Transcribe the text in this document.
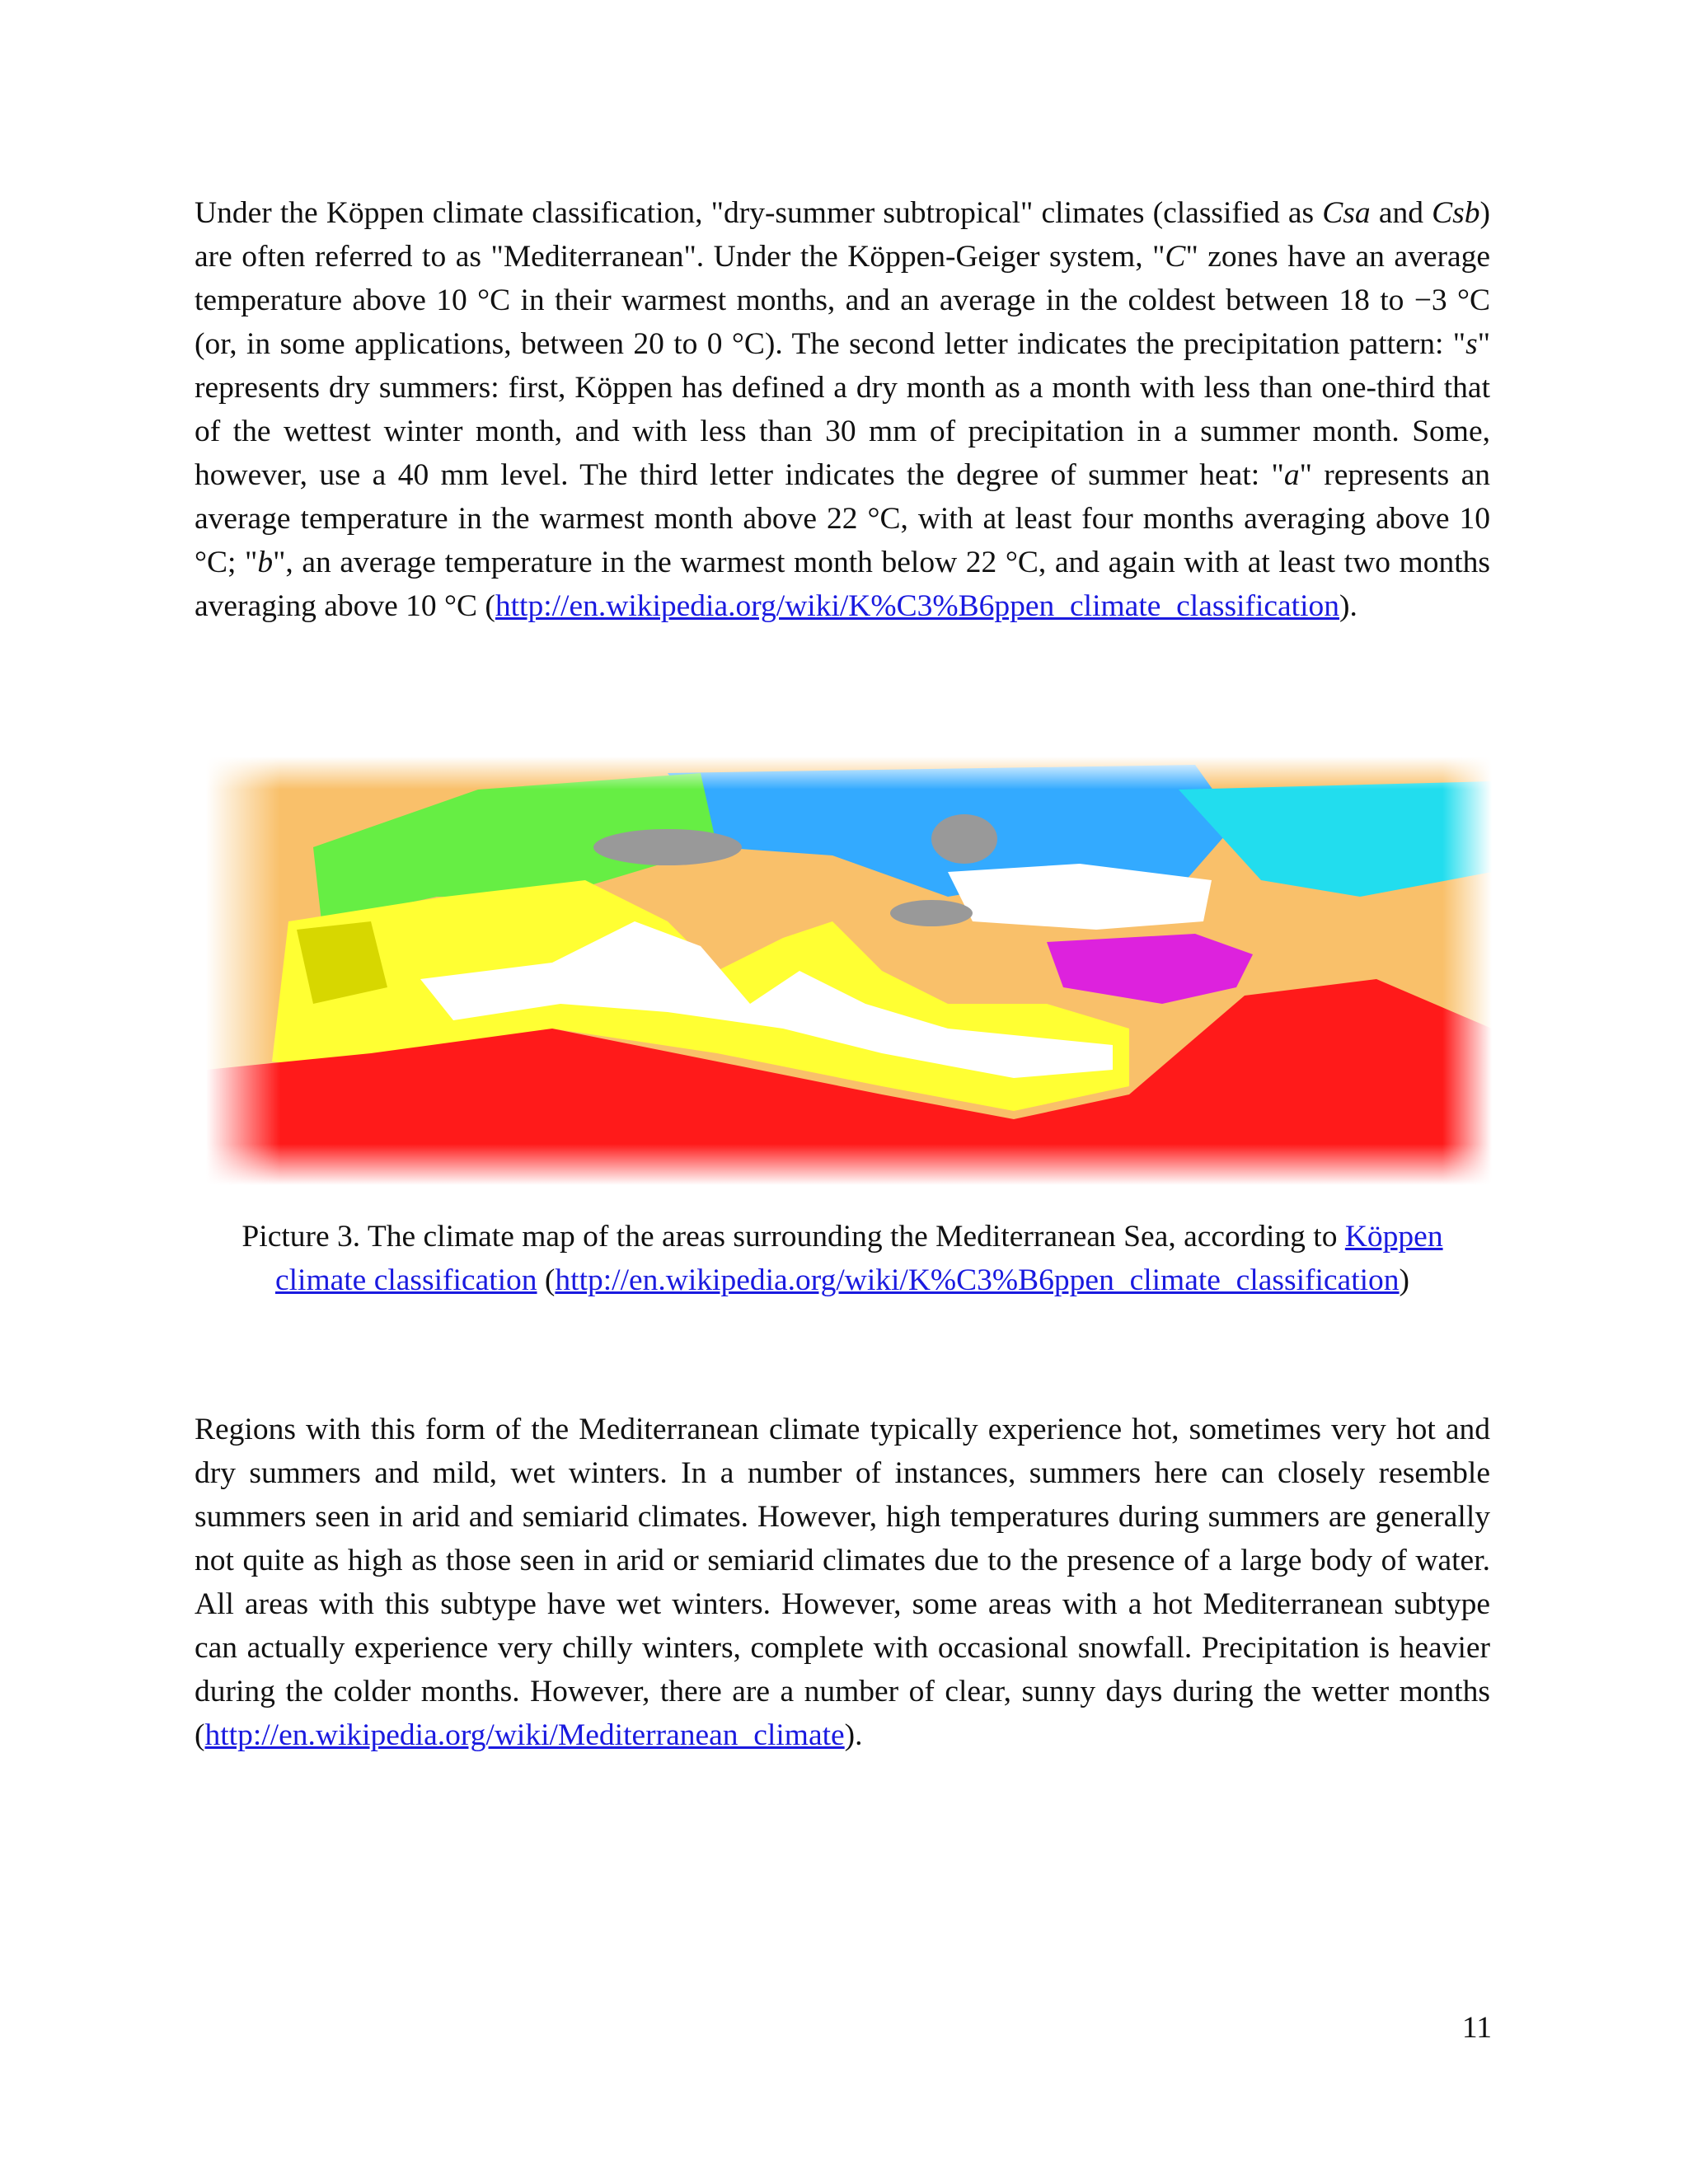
Under the Köppen climate classification, "dry-summer subtropical" climates (classified as Csa and Csb) are often referred to as "Mediterranean". Under the Köppen-Geiger system, "C" zones have an average temperature above 10 °C in their warmest months, and an average in the coldest between 18 to −3 °C (or, in some applications, between 20 to 0 °C). The second letter indicates the precipitation pattern: "s" represents dry summers: first, Köppen has defined a dry month as a month with less than one-third that of the wettest winter month, and with less than 30 mm of precipitation in a summer month. Some, however, use a 40 mm level. The third letter indicates the degree of summer heat: "a" represents an average temperature in the warmest month above 22 °C, with at least four months averaging above 10 °C; "b", an average temperature in the warmest month below 22 °C, and again with at least two months averaging above 10 °C (http://en.wikipedia.org/wiki/K%C3%B6ppen_climate_classification).
Picture 3. The climate map of the areas surrounding the Mediterranean Sea, according to Köppen climate classification (http://en.wikipedia.org/wiki/K%C3%B6ppen_climate_classification)
Regions with this form of the Mediterranean climate typically experience hot, sometimes very hot and dry summers and mild, wet winters. In a number of instances, summers here can closely resemble summers seen in arid and semiarid climates. However, high temperatures during summers are generally not quite as high as those seen in arid or semiarid climates due to the presence of a large body of water. All areas with this subtype have wet winters. However, some areas with a hot Mediterranean subtype can actually experience very chilly winters, complete with occasional snowfall. Precipitation is heavier during the colder months. However, there are a number of clear, sunny days during the wetter months (http://en.wikipedia.org/wiki/Mediterranean_climate).
11
